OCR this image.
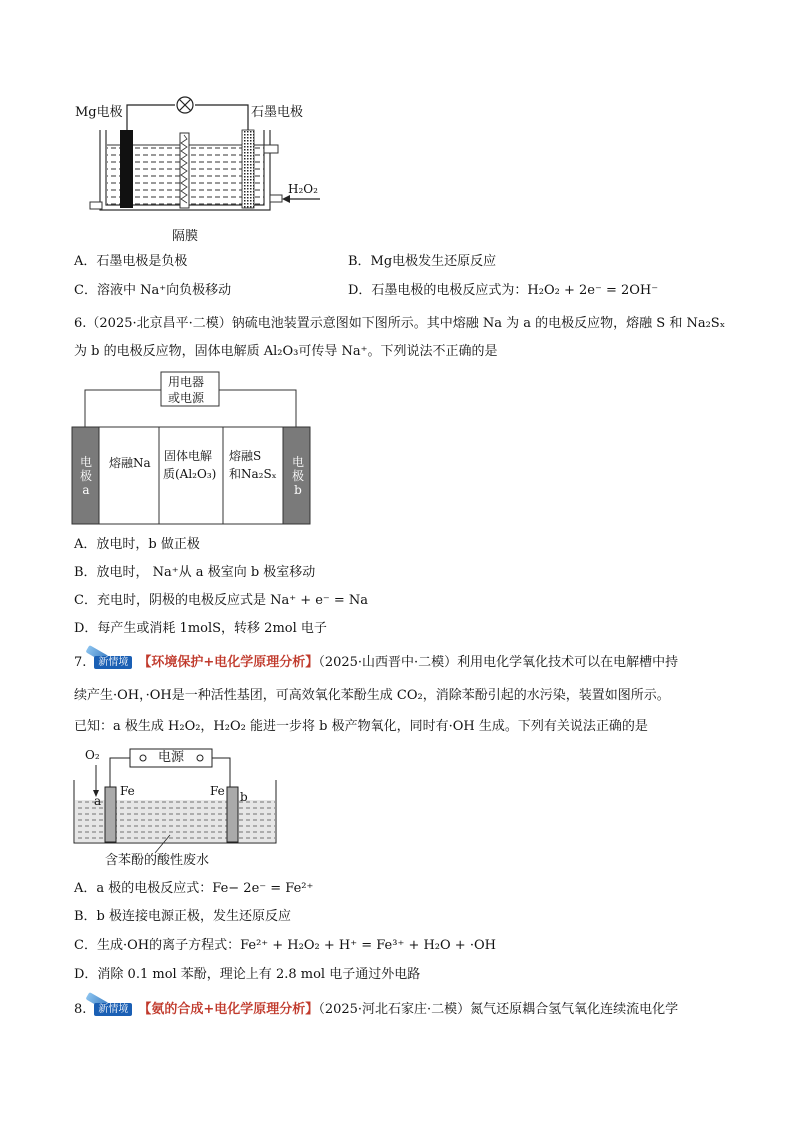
Mg电极	石墨电极
H₂O₂
隔膜
A．石墨电极是负极	B．Mg电极发生还原反应
C．溶液中 Na⁺向负极移动	D．石墨电极的电极反应式为：H₂O₂ + 2e⁻ = 2OH⁻
6.（2025·北京昌平·二模）钠硫电池装置示意图如下图所示。其中熔融 Na 为 a 的电极反应物，熔融 S 和 Na₂Sₓ
为 b 的电极反应物，固体电解质 Al₂O₃可传导 Na⁺。下列说法不正确的是
用电器
或电源
电
极
a
熔融Na 固体电解
质(Al₂O₃)
熔融S
和Na₂Sₓ
电
极
b
A．放电时，b 做正极
B．放电时， Na⁺从 a 极室向 b 极室移动
C．充电时，阴极的电极反应式是 Na⁺ + e⁻ = Na
D．每产生或消耗 1molS，转移 2mol 电子
7.	新情境 【环境保护+电化学原理分析】（2025·山西晋中·二模）利用电化学氧化技术可以在电解槽中持
续产生·OH，·OH是一种活性基团，可高效氧化苯酚生成 CO₂，消除苯酚引起的水污染，装置如图所示。
已知：a 极生成 H₂O₂，H₂O₂ 能进一步将 b 极产物氧化，同时有·OH 生成。下列有关说法正确的是
O₂	电源
Fe	Fe
a	b
含苯酚的酸性废水
A．a 极的电极反应式：Fe− 2e⁻ = Fe²⁺
B．b 极连接电源正极，发生还原反应
C．生成·OH的离子方程式：Fe²⁺ + H₂O₂ + H⁺ = Fe³⁺ + H₂O + ·OH
D．消除 0.1 mol 苯酚，理论上有 2.8 mol 电子通过外电路
8.	新情境 【氨的合成+电化学原理分析】（2025·河北石家庄·二模）氮气还原耦合氢气氧化连续流电化学
